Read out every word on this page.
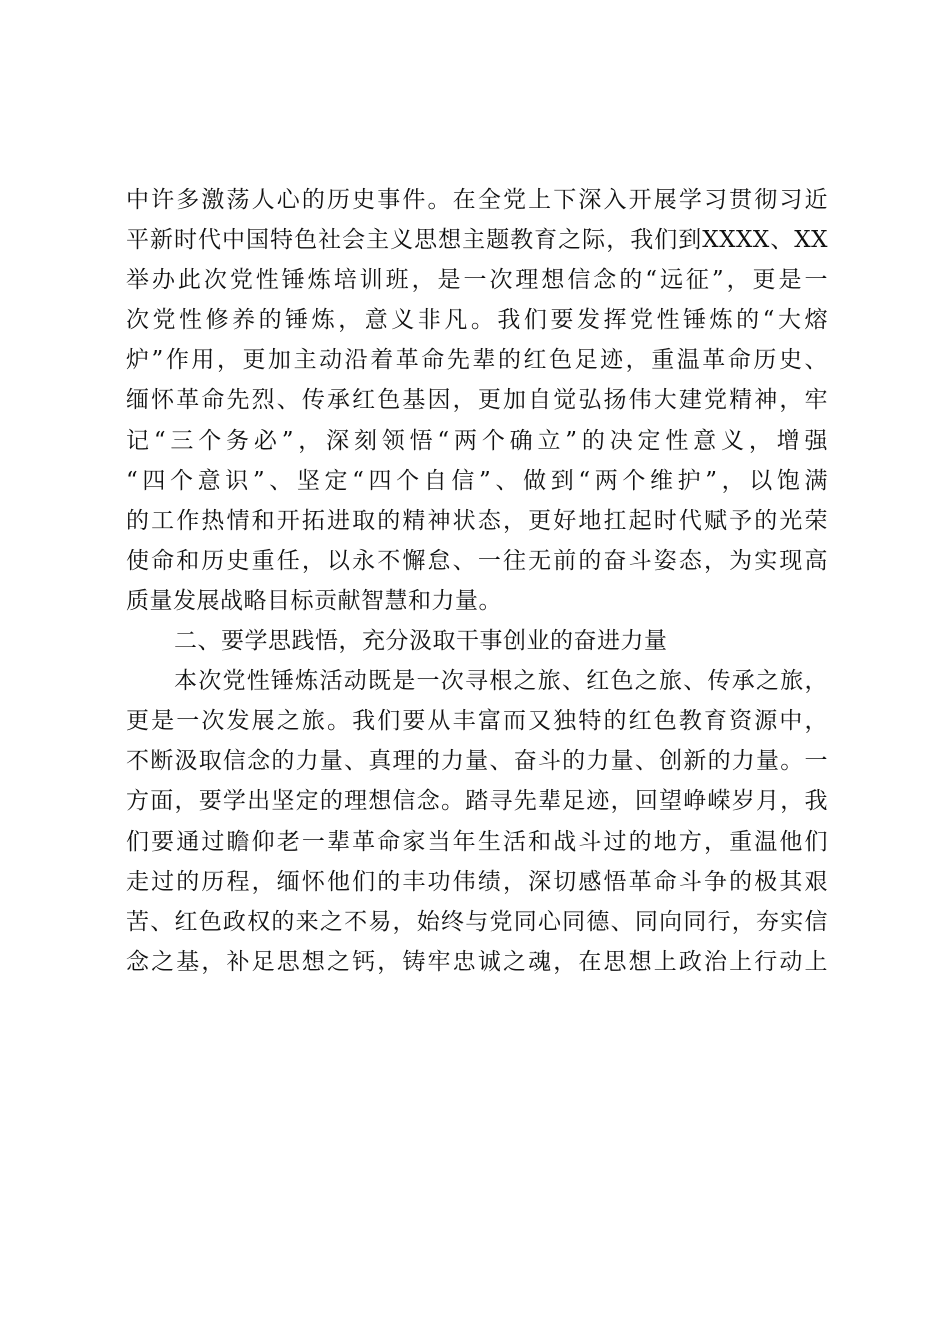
中许多激荡人心的历史事件。在全党上下深入开展学习贯彻习近
平新时代中国特色社会主义思想主题教育之际，我们到XXXX、XX
举办此次党性锤炼培训班，是一次理想信念的“远征”，更是一
次党性修养的锤炼，意义非凡。我们要发挥党性锤炼的“大熔
炉”作用，更加主动沿着革命先辈的红色足迹，重温革命历史、
缅怀革命先烈、传承红色基因，更加自觉弘扬伟大建党精神，牢
记“三个务必”，深刻领悟“两个确立”的决定性意义，增强
“四个意识”、坚定“四个自信”、做到“两个维护”，以饱满
的工作热情和开拓进取的精神状态，更好地扛起时代赋予的光荣
使命和历史重任，以永不懈怠、一往无前的奋斗姿态，为实现高
质量发展战略目标贡献智慧和力量。
二、要学思践悟，充分汲取干事创业的奋进力量
本次党性锤炼活动既是一次寻根之旅、红色之旅、传承之旅，
更是一次发展之旅。我们要从丰富而又独特的红色教育资源中，
不断汲取信念的力量、真理的力量、奋斗的力量、创新的力量。一
方面，要学出坚定的理想信念。踏寻先辈足迹，回望峥嵘岁月，我
们要通过瞻仰老一辈革命家当年生活和战斗过的地方，重温他们
走过的历程，缅怀他们的丰功伟绩，深切感悟革命斗争的极其艰
苦、红色政权的来之不易，始终与党同心同德、同向同行，夯实信
念之基，补足思想之钙，铸牢忠诚之魂，在思想上政治上行动上
